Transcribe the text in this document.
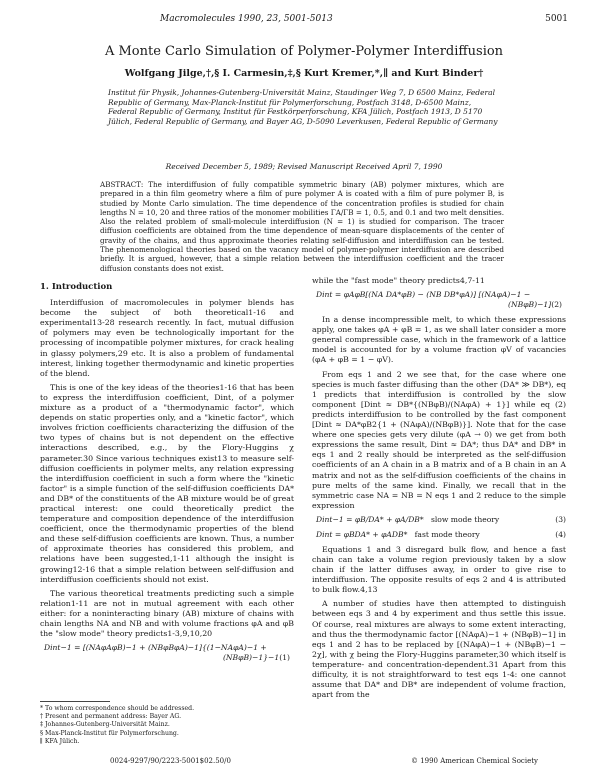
Macromolecules 1990, 23, 5001-5013	5001
A Monte Carlo Simulation of Polymer-Polymer Interdiffusion
Wolfgang Jilge,†,§ I. Carmesin,‡,§ Kurt Kremer,*,∥ and Kurt Binder†
Institut für Physik, Johannes-Gutenberg-Universität Mainz, Staudinger Weg 7, D 6500 Mainz, Federal Republic of Germany, Max-Planck-Institut für Polymerforschung, Postfach 3148, D-6500 Mainz, Federal Republic of Germany, Institut für Festkörperforschung, KFA Jülich, Postfach 1913, D 5170 Jülich, Federal Republic of Germany, and Bayer AG, D-5090 Leverkusen, Federal Republic of Germany
Received December 5, 1989; Revised Manuscript Received April 7, 1990
ABSTRACT: The interdiffusion of fully compatible symmetric binary (AB) polymer mixtures, which are prepared in a thin film geometry where a film of pure polymer A is coated with a film of pure polymer B, is studied by Monte Carlo simulation. The time dependence of the concentration profiles is studied for chain lengths N = 10, 20 and three ratios of the monomer mobilities ΓA/ΓB = 1, 0.5, and 0.1 and two melt densities. Also the related problem of small-molecule interdiffusion (N = 1) is studied for comparison. The tracer diffusion coefficients are obtained from the time dependence of mean-square displacements of the center of gravity of the chains, and thus approximate theories relating self-diffusion and interdiffusion can be tested. The phenomenological theories based on the vacancy model of polymer-polymer interdiffusion are described briefly. It is argued, however, that a simple relation between the interdiffusion coefficient and the tracer diffusion constants does not exist.
1. Introduction

Interdiffusion of macromolecules in polymer blends has become the subject of both theoretical1-16 and experimental13-28 research recently. In fact, mutual diffusion of polymers may even be technologically important for the processing of incompatible polymer mixtures, for crack healing in glassy polymers,29 etc. It is also a problem of fundamental interest, linking together thermodynamic and kinetic properties of the blend.

This is one of the key ideas of the theories1-16 that has been to express the interdiffusion coefficient, Dint, of a polymer mixture as a product of a "thermodynamic factor", which depends on static properties only, and a "kinetic factor", which involves friction coefficients characterizing the diffusion of the two types of chains but is not dependent on the effective interactions described, e.g., by the Flory-Huggins χ parameter.30 Since various techniques exist13 to measure self-diffusion coefficients in polymer melts, any relation expressing the interdiffusion coefficient in such a form where the "kinetic factor" is a simple function of the self-diffusion coefficients DA* and DB* of the constituents of the AB mixture would be of great practical interest: one could theoretically predict the temperature and composition dependence of the interdiffusion coefficient, once the thermodynamic properties of the blend and these self-diffusion coefficients are known. Thus, a number of approximate theories has considered this problem, and relations have been suggested,1-11 although the insight is growing12-16 that a simple relation between self-diffusion and interdiffusion coefficients should not exist.

The various theoretical treatments predicting such a simple relation1-11 are not in mutual agreement with each other either: for a noninteracting binary (AB) mixture of chains with chain lengths NA and NB and with volume fractions φA and φB the "slow mode" theory predicts1-3,9,10,20

Dint−1 = [(NAφAφB)−1 + (NBφBφA)−1]{(1−NAφA)−1 +
(NBφB)−1}−1 (1)
* To whom correspondence should be addressed.
† Present and permanent address: Bayer AG.
‡ Johannes-Gutenberg-Universität Mainz.
§ Max-Planck-Institut für Polymerforschung.
∥ KFA Jülich.

while the "fast mode" theory predicts4,7-11

Dint = φAφB[(NA DA*φB) − (NB DB*φA)] [(NAφA)−1 −
(NBφB)−1] (2)

In a dense incompressible melt, to which these expressions apply, one takes φA + φB = 1, as we shall later consider a more general compressible case, which in the framework of a lattice model is accounted for by a volume fraction φV of vacancies (φA + φB = 1 − φV).

From eqs 1 and 2 we see that, for the case where one species is much faster diffusing than the other (DA* ≫ DB*), eq 1 predicts that interdiffusion is controlled by the slow component [Dint ≈ DB*{(NBφB)/(NAφA) + 1}] while eq (2) predicts interdiffusion to be controlled by the fast component [Dint ≈ DA*φB2{1 + (NAφA)/(NBφB)}]. Note that for the case where one species gets very dilute (φA → 0) we get from both expressions the same result, Dint ≈ DA*; thus DA* and DB* in eqs 1 and 2 really should be interpreted as the self-diffusion coefficients of an A chain in a B matrix and of a B chain in an A matrix and not as the self-diffusion coefficients of the chains in pure melts of the same kind. Finally, we recall that in the symmetric case NA = NB = N eqs 1 and 2 reduce to the simple expression

Dint−1 = φB/DA* + φA/DB* slow mode theory	(3)
Dint = φBDA* + φADB* fast mode theory	(4)

Equations 1 and 3 disregard bulk flow, and hence a fast chain can take a volume region previously taken by a slow chain if the latter diffuses away, in order to give rise to interdiffusion. The opposite results of eqs 2 and 4 is attributed to bulk flow.4,13

A number of studies have then attempted to distinguish between eqs 3 and 4 by experiment and thus settle this issue. Of course, real mixtures are always to some extent interacting, and thus the thermodynamic factor [(NAφA)−1 + (NBφB)−1] in eqs 1 and 2 has to be replaced by [(NAφA)−1 + (NBφB)−1 − 2χ], with χ being the Flory-Huggins parameter,30 which itself is temperature- and concentration-dependent.31 Apart from this difficulty, it is not straightforward to test eqs 1-4: one cannot assume that DA* and DB* are independent of volume fraction, apart from the

0024-9297/90/2223-5001$02.50/0	© 1990 American Chemical Society
